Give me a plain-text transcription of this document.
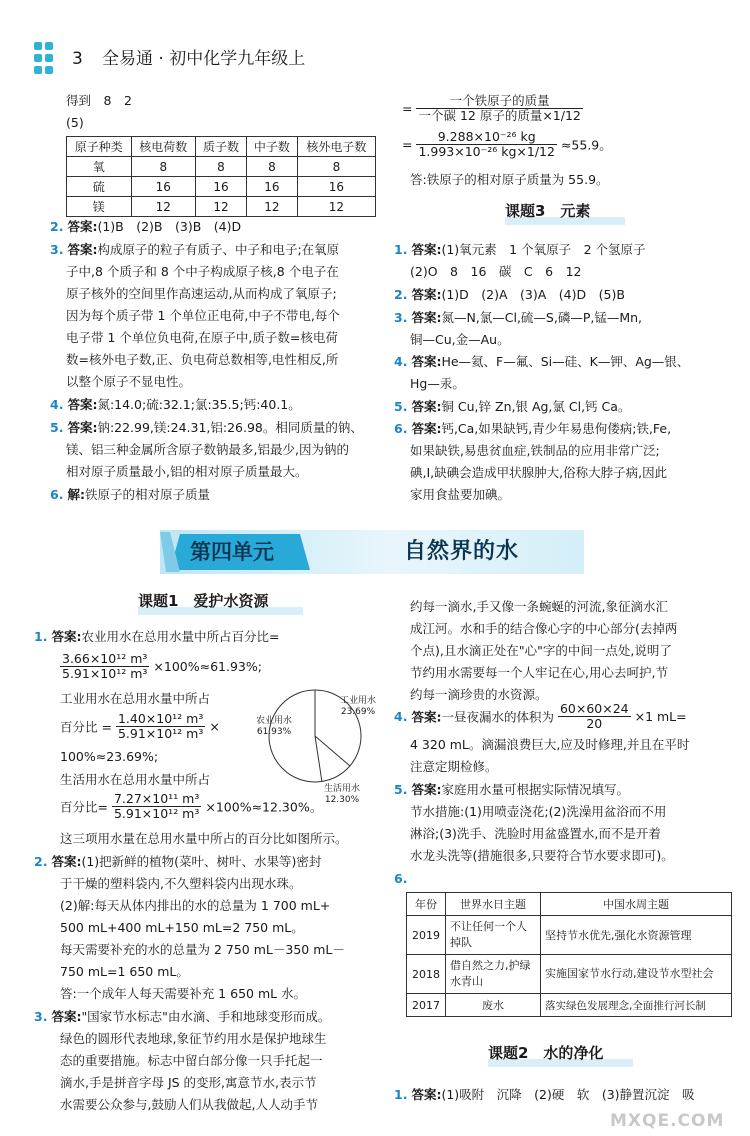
3 全易通 · 初中化学九年级上
得到　8　2
(5)
原子种类	核电荷数	质子数	中子数	核外电子数
氧	8	8	8	8
硫	16	16	16	16
镁	12	12	12	12
2. 答案:(1)B　(2)B　(3)B　(4)D
3. 答案:构成原子的粒子有质子、中子和电子;在氧原
子中,8 个质子和 8 个中子构成原子核,8 个电子在
原子核外的空间里作高速运动,从而构成了氧原子;
因为每个质子带 1 个单位正电荷,中子不带电,每个
电子带 1 个单位负电荷,在原子中,质子数=核电荷
数=核外电子数,正、负电荷总数相等,电性相反,所
以整个原子不显电性。
4. 答案:氮:14.0;硫:32.1;氯:35.5;钙:40.1。
5. 答案:钠:22.99,镁:24.31,铝:26.98。相同质量的钠、
镁、铝三种金属所含原子数钠最多,铝最少,因为钠的
相对原子质量最小,铝的相对原子质量最大。
6. 解:铁原子的相对原子质量
= $\frac{\text{一个铁原子的质量}}{\text{一个碳 12 原子的质量×1/12}}$
= $\frac{\text{9.288×10⁻²⁶ kg}}{\text{1.993×10⁻²⁶ kg×1/12}} \approx 55.9$。
答:铁原子的相对原子质量为 55.9。
课题3　元素
1. 答案:(1)氧元素　1 个氧原子　2 个氢原子
(2)O　8　16　碳　C　6　12
2. 答案:(1)D　(2)A　(3)A　(4)D　(5)B
3. 答案:氮—N,氯—Cl,硫—S,磷—P,锰—Mn,
铜—Cu,金—Au。
4. 答案:He—氦、F—氟、Si—硅、K—钾、Ag—银、
Hg—汞。
5. 答案:铜 Cu,锌 Zn,银 Ag,氯 Cl,钙 Ca。
6. 答案:钙,Ca,如果缺钙,青少年易患佝偻病;铁,Fe,
如果缺铁,易患贫血症,铁制品的应用非常广泛;
碘,I,缺碘会造成甲状腺肿大,俗称大脖子病,因此
家用食盐要加碘。
第四单元	自然界的水
课题1　爱护水资源
1. 答案:农业用水在总用水量中所占百分比=
$\frac{\text{3.66×10¹² m³}}{\text{5.91×10¹² m³}} \times 100\%\approx 61.93\%$;
工业用水在总用水量中所占
百分比 = $\frac{\text{1.40×10¹² m³}}{\text{5.91×10¹² m³}}$ ×
100%≈23.69%;
生活用水在总用水量中所占
百分比= $\frac{\text{7.27×10¹¹ m³}}{\text{5.91×10¹² m³}} \times 100\%\approx 12.30\%$。
农业用水
61.93%
工业用水
23.69%
生活用水
12.30%
这三项用水量在总用水量中所占的百分比如图所示。
2. 答案:(1)把新鲜的植物(菜叶、树叶、水果等)密封
于干燥的塑料袋内,不久塑料袋内出现水珠。
(2)解:每天从体内排出的水的总量为 1 700 mL+
500 mL+400 mL+150 mL=2 750 mL。
每天需要补充的水的总量为 2 750 mL－350 mL－
750 mL=1 650 mL。
答:一个成年人每天需要补充 1 650 mL 水。
3. 答案:"国家节水标志"由水滴、手和地球变形而成。
绿色的圆形代表地球,象征节约用水是保护地球生
态的重要措施。标志中留白部分像一只手托起一
滴水,手是拼音字母 JS 的变形,寓意节水,表示节
水需要公众参与,鼓励人们从我做起,人人动手节
约每一滴水,手又像一条蜿蜒的河流,象征滴水汇
成江河。水和手的结合像心字的中心部分(去掉两
个点),且水滴正处在"心"字的中间一点处,说明了
节约用水需要每一个人牢记在心,用心去呵护,节
约每一滴珍贵的水资源。
4. 答案:一昼夜漏水的体积为 $\frac{60\times 60\times 24}{20} \times 1$ mL=
4 320 mL。滴漏浪费巨大,应及时修理,并且在平时
注意定期检修。
5. 答案:家庭用水量可根据实际情况填写。
节水措施:(1)用喷壶浇花;(2)洗澡用盆浴而不用
淋浴;(3)洗手、洗脸时用盆盛置水,而不是开着
水龙头洗等(措施很多,只要符合节水要求即可)。
6.
年份	世界水日主题	中国水周主题
2019	不让任何一个人掉队	坚持节水优先,强化水资源管理
2018	借自然之力,护绿水青山	实施国家节水行动,建设节水型社会
2017	废水	落实绿色发展理念,全面推行河长制
课题2　水的净化
1. 答案:(1)吸附　沉降　(2)硬　软　(3)静置沉淀　吸
MXQE.COM
